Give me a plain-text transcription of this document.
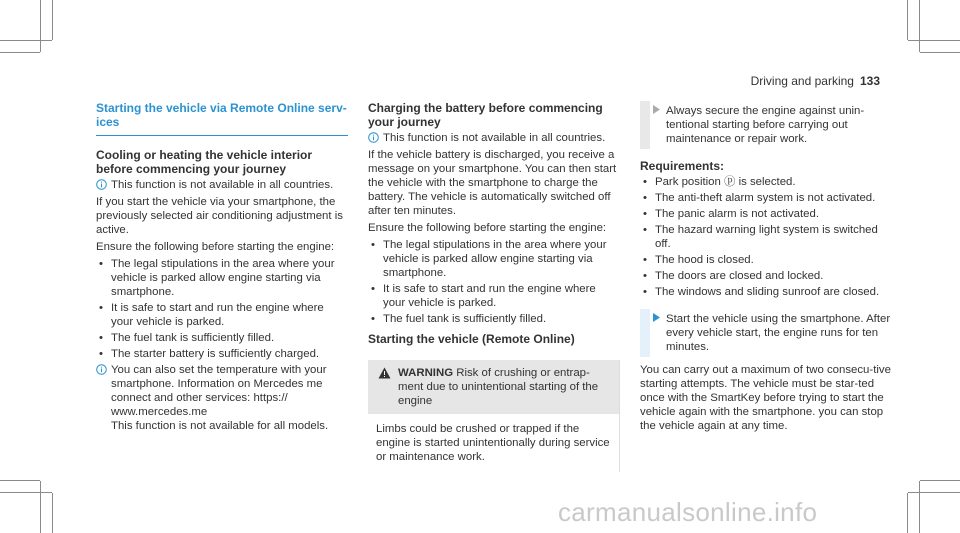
Driving and parking 133
Starting the vehicle via Remote Online serv-ices
Cooling or heating the vehicle interior before commencing your journey
This function is not available in all countries.

If you start the vehicle via your smartphone, the previously selected air conditioning adjustment is active.

Ensure the following before starting the engine:

• The legal stipulations in the area where your vehicle is parked allow engine starting via smartphone.
• It is safe to start and run the engine where your vehicle is parked.
• The fuel tank is sufficiently filled.
• The starter battery is sufficiently charged.
You can also set the temperature with your smartphone. Information on Mercedes me connect and other services: https:// www.mercedes.me
This function is not available for all models.
Charging the battery before commencing your journey
This function is not available in all countries.

If the vehicle battery is discharged, you receive a message on your smartphone. You can then start the vehicle with the smartphone to charge the battery. The vehicle is automatically switched off after ten minutes.

Ensure the following before starting the engine:

• The legal stipulations in the area where your vehicle is parked allow engine starting via smartphone.
• It is safe to start and run the engine where your vehicle is parked.
• The fuel tank is sufficiently filled.
Starting the vehicle (Remote Online)
WARNING Risk of crushing or entrap-ment due to unintentional starting of the engine
Limbs could be crushed or trapped if the engine is started unintentionally during service or maintenance work.
Always secure the engine against unin-tentional starting before carrying out maintenance or repair work.
Requirements:
• Park position ⓟ is selected.
• The anti-theft alarm system is not activated.
• The panic alarm is not activated.
• The hazard warning light system is switched off.
• The hood is closed.
• The doors are closed and locked.
• The windows and sliding sunroof are closed.
Start the vehicle using the smartphone. After every vehicle start, the engine runs for ten minutes.

You can carry out a maximum of two consecu-tive starting attempts. The vehicle must be star-ted once with the SmartKey before trying to start the vehicle again with the smartphone. you can stop the vehicle again at any time.

carmanualsonline.info
